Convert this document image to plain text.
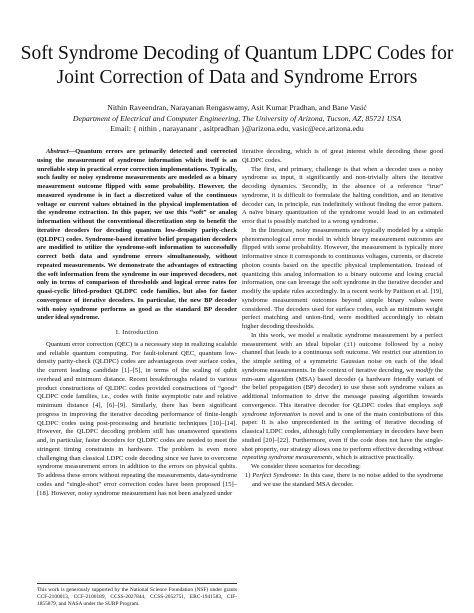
Soft Syndrome Decoding of Quantum LDPC Codes for Joint Correction of Data and Syndrome Errors
Nithin Raveendran, Narayanan Rengaswamy, Asit Kumar Pradhan, and Bane Vasić
Department of Electrical and Computer Engineering, The University of Arizona, Tucson, AZ, 85721 USA
Email: { nithin , narayananr , asitpradhan }@arizona.edu, vasic@ece.arizona.edu

Abstract—Quantum errors are primarily detected and corrected using the measurement of syndrome information which itself is an unreliable step in practical error correction implementations. Typically, such faulty or noisy syndrome measurements are modeled as a binary measurement outcome flipped with some probability. However, the measured syndrome is in fact a discretized value of the continuous voltage or current values obtained in the physical implementation of the syndrome extraction. In this paper, we use this “soft” or analog information without the conventional discretization step to benefit the iterative decoders for decoding quantum low-density parity-check (QLDPC) codes. Syndrome-based iterative belief propagation decoders are modified to utilize the syndrome-soft information to successfully correct both data and syndrome errors simultaneously, without repeated measurements. We demonstrate the advantages of extracting the soft information from the syndrome in our improved decoders, not only in terms of comparison of thresholds and logical error rates for quasi-cyclic lifted-product QLDPC code families, but also for faster convergence of iterative decoders. In particular, the new BP decoder with noisy syndrome performs as good as the standard BP decoder under ideal syndrome.

I. Introduction

Quantum error correction (QEC) is a necessary step in realizing scalable and reliable quantum computing. For fault-tolerant QEC, quantum low-density parity-check (QLDPC) codes are advantageous over surface codes, the current leading candidate [1]–[5], in terms of the scaling of qubit overhead and minimum distance. Recent breakthroughs related to various product constructions of QLDPC codes provided constructions of “good” QLDPC code families, i.e., codes with finite asymptotic rate and relative minimum distance [4], [6]–[9]. Similarly, there has been significant progress in improving the iterative decoding performance of finite-length QLDPC codes using post-processing and heuristic techniques [10]–[14]. However, the QLDPC decoding problem still has unanswered questions and, in particular, faster decoders for QLDPC codes are needed to meet the stringent timing constraints in hardware. The problem is even more challenging than classical LDPC code decoding since we have to overcome syndrome measurement errors in addition to the errors on physical qubits. To address these errors without repeating the measurements, data-syndrome codes and “single-shot” error correction codes have been proposed [15]–[18]. However, noisy syndrome measurement has not been analyzed under

This work is generously supported by the National Science Foundation (NSF) under grants CCF-2100013, CCF-2106189, CCSS-2027844, CCSS-2052751, ERC-1941583, CIF-1855879, and NASA under the SURP Program.

iterative decoding, which is of great interest while decoding these good QLDPC codes.

The first, and primary, challenge is that when a decoder uses a noisy syndrome as input, it significantly and non-trivially alters the iterative decoding dynamics. Secondly, in the absence of a reference “true” syndrome, it is difficult to formulate the halting condition, and an iterative decoder can, in principle, run indefinitely without finding the error pattern. A naïve binary quantization of the syndrome would lead to an estimated error that is possibly matched to a wrong syndrome.

In the literature, noisy measurements are typically modeled by a simple phenomenological error model in which binary measurement outcomes are flipped with some probability. However, the measurement is typically more informative since it corresponds to continuous voltages, currents, or discrete photon counts based on the specific physical implementation. Instead of quantizing this analog information to a binary outcome and losing crucial information, one can leverage the soft syndrome in the iterative decoder and modify the update rules accordingly. In a recent work by Pattison et al. [19], syndrome measurement outcomes beyond simple binary values were considered. The decoders used for surface codes, such as minimum weight perfect matching and union-find, were modified accordingly to obtain higher decoding thresholds.

In this work, we model a realistic syndrome measurement by a perfect measurement with an ideal bipolar (±1) outcome followed by a noisy channel that leads to a continuous soft outcome. We restrict our attention to the simple setting of a symmetric Gaussian noise on each of the ideal syndrome measurements. In the context of iterative decoding, we modify the min-sum algorithm (MSA) based decoder (a hardware friendly variant of the belief propagation (BP) decoder) to use these soft syndrome values as additional information to drive the message passing algorithm towards convergence. This iterative decoder for QLDPC codes that employs soft syndrome information is novel and is one of the main contributions of this paper. It is also unprecedented in the setting of iterative decoding of classical LDPC codes, although fully complementary in decoders have been studied [20]–[22]. Furthermore, even if the code does not have the single-shot property, our strategy allows one to perform effective decoding without repeating syndrome measurements, which is attractive practically.

We consider three scenarios for decoding:

1) Perfect Syndrome: In this case, there is no noise added to the syndrome and we use the standard MSA decoder.
